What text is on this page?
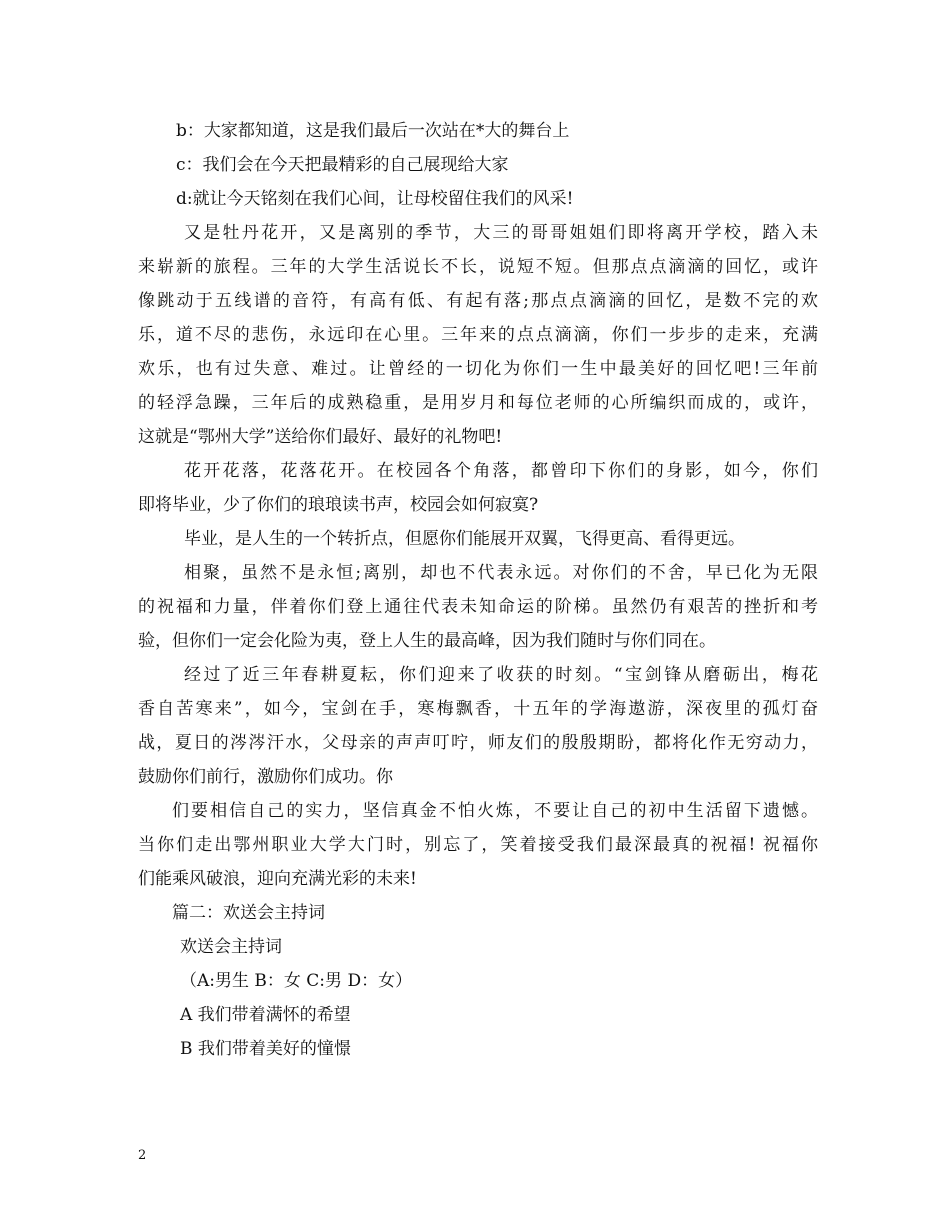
b：大家都知道，这是我们最后一次站在*大的舞台上
c：我们会在今天把最精彩的自己展现给大家
d:就让今天铭刻在我们心间，让母校留住我们的风采!
又是牡丹花开，又是离别的季节，大三的哥哥姐姐们即将离开学校，踏入未
来崭新的旅程。三年的大学生活说长不长，说短不短。但那点点滴滴的回忆，或许
像跳动于五线谱的音符，有高有低、有起有落;那点点滴滴的回忆，是数不完的欢
乐，道不尽的悲伤，永远印在心里。三年来的点点滴滴，你们一步步的走来，充满
欢乐，也有过失意、难过。让曾经的一切化为你们一生中最美好的回忆吧!三年前
的轻浮急躁，三年后的成熟稳重，是用岁月和每位老师的心所编织而成的，或许，
这就是“鄂州大学”送给你们最好、最好的礼物吧!
花开花落，花落花开。在校园各个角落，都曾印下你们的身影，如今，你们
即将毕业，少了你们的琅琅读书声，校园会如何寂寞?
毕业，是人生的一个转折点，但愿你们能展开双翼，飞得更高、看得更远。
相聚，虽然不是永恒;离别，却也不代表永远。对你们的不舍，早已化为无限
的祝福和力量，伴着你们登上通往代表未知命运的阶梯。虽然仍有艰苦的挫折和考
验，但你们一定会化险为夷，登上人生的最高峰，因为我们随时与你们同在。
经过了近三年春耕夏耘，你们迎来了收获的时刻。“宝剑锋从磨砺出，梅花
香自苦寒来”，如今，宝剑在手，寒梅飘香，十五年的学海遨游，深夜里的孤灯奋
战，夏日的涔涔汗水，父母亲的声声叮咛，师友们的殷殷期盼，都将化作无穷动力，
鼓励你们前行，激励你们成功。你
们要相信自己的实力，坚信真金不怕火炼，不要让自己的初中生活留下遗憾。
当你们走出鄂州职业大学大门时，别忘了，笑着接受我们最深最真的祝福! 祝福你
们能乘风破浪，迎向充满光彩的未来!
篇二：欢送会主持词
欢送会主持词
（A:男生 B：女 C:男 D：女）
A 我们带着满怀的希望
B 我们带着美好的憧憬
2
